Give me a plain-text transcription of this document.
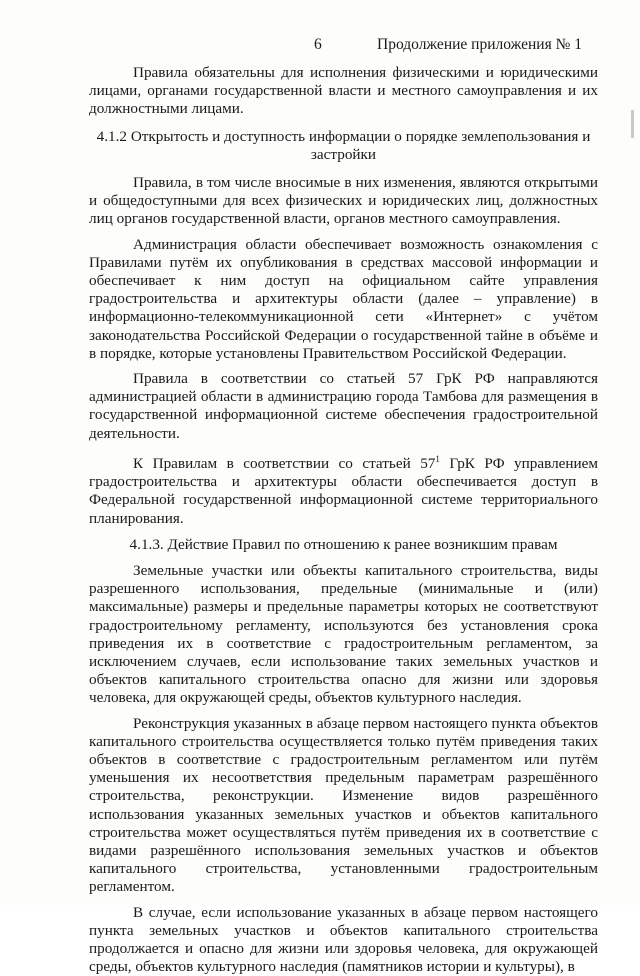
6	Продолжение приложения № 1

Правила обязательны для исполнения физическими и юридическими лицами, органами государственной власти и местного самоуправления и их должностными лицами.

4.1.2 Открытость и доступность информации о порядке землепользования и застройки

Правила, в том числе вносимые в них изменения, являются открытыми и общедоступными для всех физических и юридических лиц, должностных лиц органов государственной власти, органов местного самоуправления.

Администрация области обеспечивает возможность ознакомления с Правилами путём их опубликования в средствах массовой информации и обеспечивает к ним доступ на официальном сайте управления градостроительства и архитектуры области (далее – управление) в информационно-телекоммуникационной сети «Интернет» с учётом законодательства Российской Федерации о государственной тайне в объёме и в порядке, которые установлены Правительством Российской Федерации.

Правила в соответствии со статьей 57 ГрК РФ направляются администрацией области в администрацию города Тамбова для размещения в государственной информационной системе обеспечения градостроительной деятельности.

К Правилам в соответствии со статьей $57^1$ ГрК РФ управлением градостроительства и архитектуры области обеспечивается доступ в Федеральной государственной информационной системе территориального планирования.

4.1.3. Действие Правил по отношению к ранее возникшим правам

Земельные участки или объекты капитального строительства, виды разрешенного использования, предельные (минимальные и (или) максимальные) размеры и предельные параметры которых не соответствуют градостроительному регламенту, используются без установления срока приведения их в соответствие с градостроительным регламентом, за исключением случаев, если использование таких земельных участков и объектов капитального строительства опасно для жизни или здоровья человека, для окружающей среды, объектов культурного наследия.

Реконструкция указанных в абзаце первом настоящего пункта объектов капитального строительства осуществляется только путём приведения таких объектов в соответствие с градостроительным регламентом или путём уменьшения их несоответствия предельным параметрам разрешённого строительства, реконструкции. Изменение видов разрешённого использования указанных земельных участков и объектов капитального строительства может осуществляться путём приведения их в соответствие с видами разрешённого использования земельных участков и объектов капитального строительства, установленными градостроительным регламентом.

В случае, если использование указанных в абзаце первом настоящего пункта земельных участков и объектов капитального строительства продолжается и опасно для жизни или здоровья человека, для окружающей среды, объектов культурного наследия (памятников истории и культуры), в
